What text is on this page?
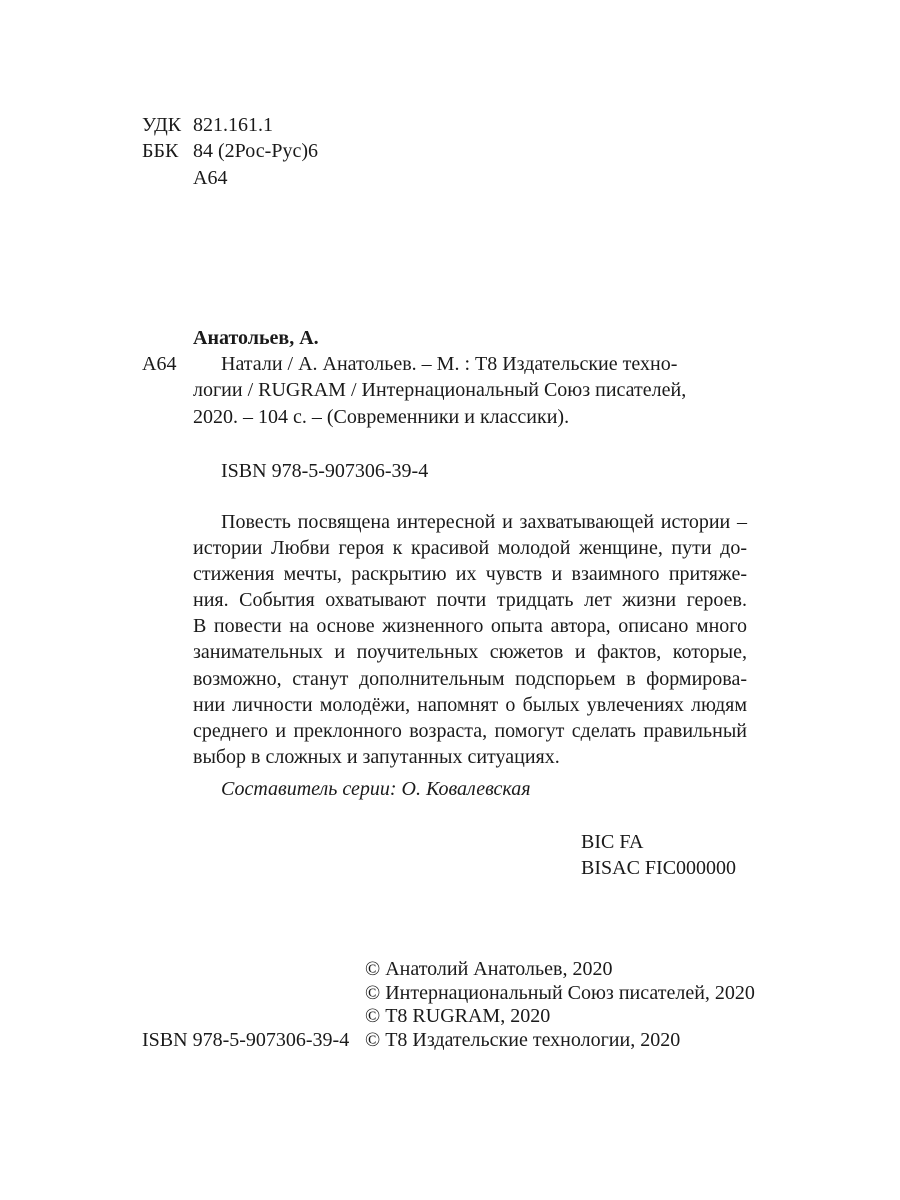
УДК 821.161.1
ББК 84 (2Рос-Рус)6
А64
Анатольев, А.
А64 Натали / А. Анатольев. – М. : Т8 Издательские техно-
логии / RUGRAM / Интернациональный Союз писателей,
2020. – 104 с. – (Современники и классики).
ISBN 978-5-907306-39-4
Повесть посвящена интересной и захватывающей истории –
истории Любви героя к красивой молодой женщине, пути до-
стижения мечты, раскрытию их чувств и взаимного притяже-
ния. События охватывают почти тридцать лет жизни героев.
В повести на основе жизненного опыта автора, описано много
занимательных и поучительных сюжетов и фактов, которые,
возможно, станут дополнительным подспорьем в формирова-
нии личности молодёжи, напомнят о былых увлечениях людям
среднего и преклонного возраста, помогут сделать правильный
выбор в сложных и запутанных ситуациях.
Составитель серии: О. Ковалевская
BIC FA
BISAC FIC000000
© Анатолий Анатольев, 2020
© Интернациональный Союз писателей, 2020
© Т8 RUGRAM, 2020
© Т8 Издательские технологии, 2020
ISBN 978-5-907306-39-4
